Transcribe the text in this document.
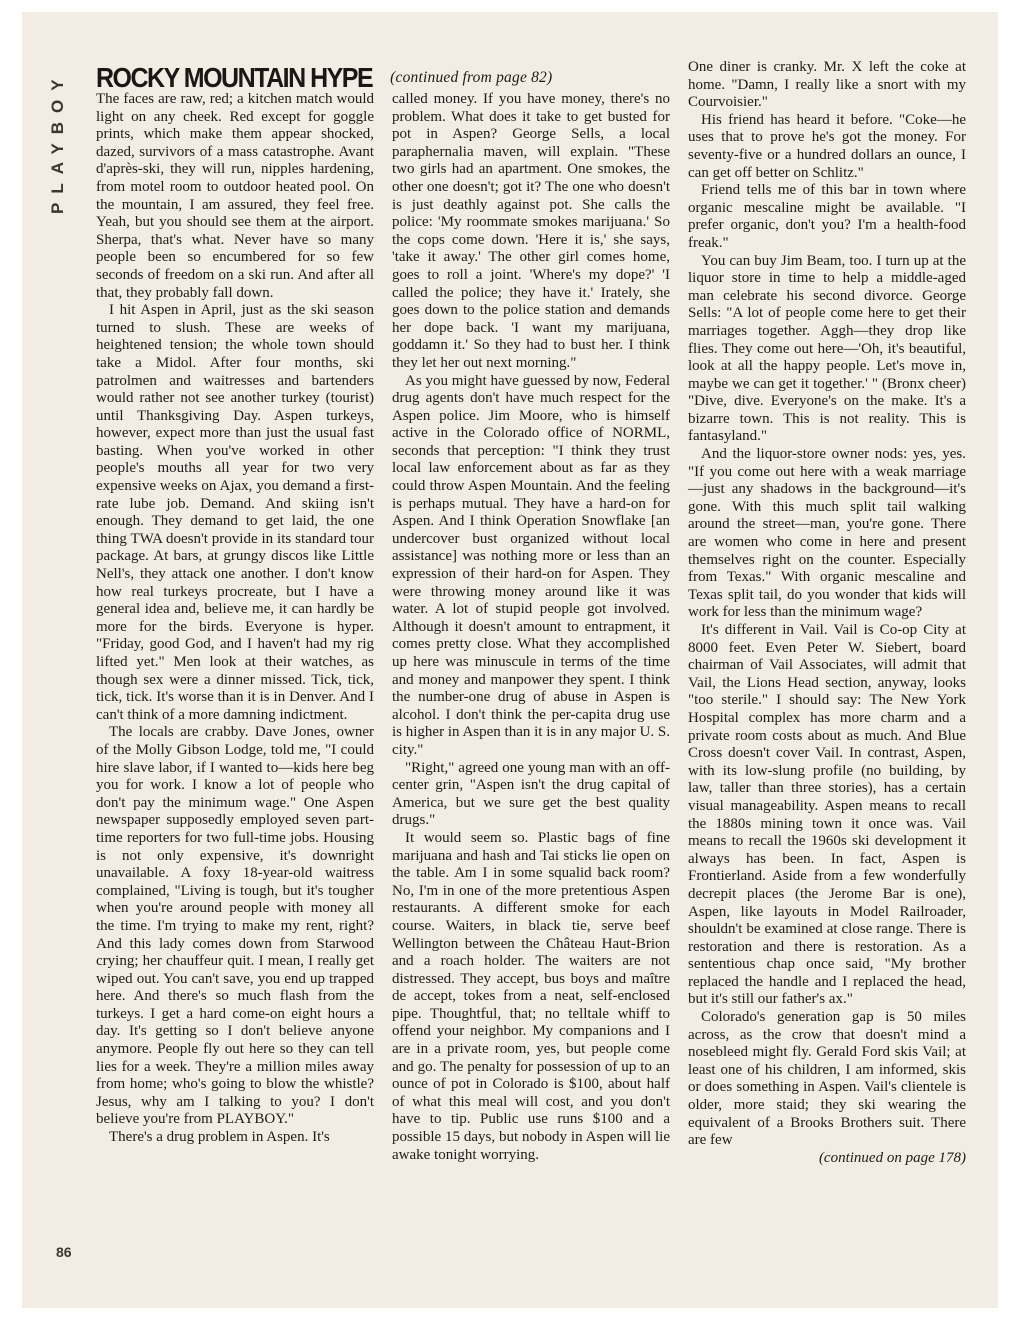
PLAYBOY
86
ROCKY MOUNTAIN HYPE (continued from page 82)

The faces are raw, red; a kitchen match would light on any cheek. Red except for goggle prints, which make them appear shocked, dazed, survivors of a mass catastrophe. Avant d'après-ski, they will run, nipples hardening, from motel room to outdoor heated pool. On the mountain, I am assured, they feel free. Yeah, but you should see them at the airport. Sherpa, that's what. Never have so many people been so encumbered for so few seconds of freedom on a ski run. And after all that, they probably fall down.

I hit Aspen in April, just as the ski season turned to slush. These are weeks of heightened tension; the whole town should take a Midol. After four months, ski patrolmen and waitresses and bartenders would rather not see another turkey (tourist) until Thanksgiving Day. Aspen turkeys, however, expect more than just the usual fast basting. When you've worked in other people's mouths all year for two very expensive weeks on Ajax, you demand a first-rate lube job. Demand. And skiing isn't enough. They demand to get laid, the one thing TWA doesn't provide in its standard tour package. At bars, at grungy discos like Little Nell's, they attack one another. I don't know how real turkeys procreate, but I have a general idea and, believe me, it can hardly be more for the birds. Everyone is hyper. "Friday, good God, and I haven't had my rig lifted yet." Men look at their watches, as though sex were a dinner missed. Tick, tick, tick, tick. It's worse than it is in Denver. And I can't think of a more damning indictment.

The locals are crabby. Dave Jones, owner of the Molly Gibson Lodge, told me, "I could hire slave labor, if I wanted to—kids here beg you for work. I know a lot of people who don't pay the minimum wage." One Aspen newspaper supposedly employed seven part-time reporters for two full-time jobs. Housing is not only expensive, it's downright unavailable. A foxy 18-year-old waitress complained, "Living is tough, but it's tougher when you're around people with money all the time. I'm trying to make my rent, right? And this lady comes down from Starwood crying; her chauffeur quit. I mean, I really get wiped out. You can't save, you end up trapped here. And there's so much flash from the turkeys. I get a hard come-on eight hours a day. It's getting so I don't believe anyone anymore. People fly out here so they can tell lies for a week. They're a million miles away from home; who's going to blow the whistle? Jesus, why am I talking to you? I don't believe you're from PLAYBOY."

There's a drug problem in Aspen. It's

called money. If you have money, there's no problem. What does it take to get busted for pot in Aspen? George Sells, a local paraphernalia maven, will explain. "These two girls had an apartment. One smokes, the other one doesn't; got it? The one who doesn't is just deathly against pot. She calls the police: 'My roommate smokes marijuana.' So the cops come down. 'Here it is,' she says, 'take it away.' The other girl comes home, goes to roll a joint. 'Where's my dope?' 'I called the police; they have it.' Irately, she goes down to the police station and demands her dope back. 'I want my marijuana, goddamn it.' So they had to bust her. I think they let her out next morning."

As you might have guessed by now, Federal drug agents don't have much respect for the Aspen police. Jim Moore, who is himself active in the Colorado office of NORML, seconds that perception: "I think they trust local law enforcement about as far as they could throw Aspen Mountain. And the feeling is perhaps mutual. They have a hard-on for Aspen. And I think Operation Snowflake [an undercover bust organized without local assistance] was nothing more or less than an expression of their hard-on for Aspen. They were throwing money around like it was water. A lot of stupid people got involved. Although it doesn't amount to entrapment, it comes pretty close. What they accomplished up here was minuscule in terms of the time and money and manpower they spent. I think the number-one drug of abuse in Aspen is alcohol. I don't think the per-capita drug use is higher in Aspen than it is in any major U. S. city."

"Right," agreed one young man with an off-center grin, "Aspen isn't the drug capital of America, but we sure get the best quality drugs."

It would seem so. Plastic bags of fine marijuana and hash and Tai sticks lie open on the table. Am I in some squalid back room? No, I'm in one of the more pretentious Aspen restaurants. A different smoke for each course. Waiters, in black tie, serve beef Wellington between the Château Haut-Brion and a roach holder. The waiters are not distressed. They accept, bus boys and maître de accept, tokes from a neat, self-enclosed pipe. Thoughtful, that; no telltale whiff to offend your neighbor. My companions and I are in a private room, yes, but people come and go. The penalty for possession of up to an ounce of pot in Colorado is $100, about half of what this meal will cost, and you don't have to tip. Public use runs $100 and a possible 15 days, but nobody in Aspen will lie awake tonight worrying.

One diner is cranky. Mr. X left the coke at home. "Damn, I really like a snort with my Courvoisier."

His friend has heard it before. "Coke—he uses that to prove he's got the money. For seventy-five or a hundred dollars an ounce, I can get off better on Schlitz."

Friend tells me of this bar in town where organic mescaline might be available. "I prefer organic, don't you? I'm a health-food freak."

You can buy Jim Beam, too. I turn up at the liquor store in time to help a middle-aged man celebrate his second divorce. George Sells: "A lot of people come here to get their marriages together. Aggh—they drop like flies. They come out here—'Oh, it's beautiful, look at all the happy people. Let's move in, maybe we can get it together.' " (Bronx cheer) "Dive, dive. Everyone's on the make. It's a bizarre town. This is not reality. This is fantasyland."

And the liquor-store owner nods: yes, yes. "If you come out here with a weak marriage—just any shadows in the background—it's gone. With this much split tail walking around the street—man, you're gone. There are women who come in here and present themselves right on the counter. Especially from Texas." With organic mescaline and Texas split tail, do you wonder that kids will work for less than the minimum wage?

It's different in Vail. Vail is Co-op City at 8000 feet. Even Peter W. Siebert, board chairman of Vail Associates, will admit that Vail, the Lions Head section, anyway, looks "too sterile." I should say: The New York Hospital complex has more charm and a private room costs about as much. And Blue Cross doesn't cover Vail. In contrast, Aspen, with its low-slung profile (no building, by law, taller than three stories), has a certain visual manageability. Aspen means to recall the 1880s mining town it once was. Vail means to recall the 1960s ski development it always has been. In fact, Aspen is Frontierland. Aside from a few wonderfully decrepit places (the Jerome Bar is one), Aspen, like layouts in Model Railroader, shouldn't be examined at close range. There is restoration and there is restoration. As a sententious chap once said, "My brother replaced the handle and I replaced the head, but it's still our father's ax."

Colorado's generation gap is 50 miles across, as the crow that doesn't mind a nosebleed might fly. Gerald Ford skis Vail; at least one of his children, I am informed, skis or does something in Aspen. Vail's clientele is older, more staid; they ski wearing the equivalent of a Brooks Brothers suit. There are few

(continued on page 178)
